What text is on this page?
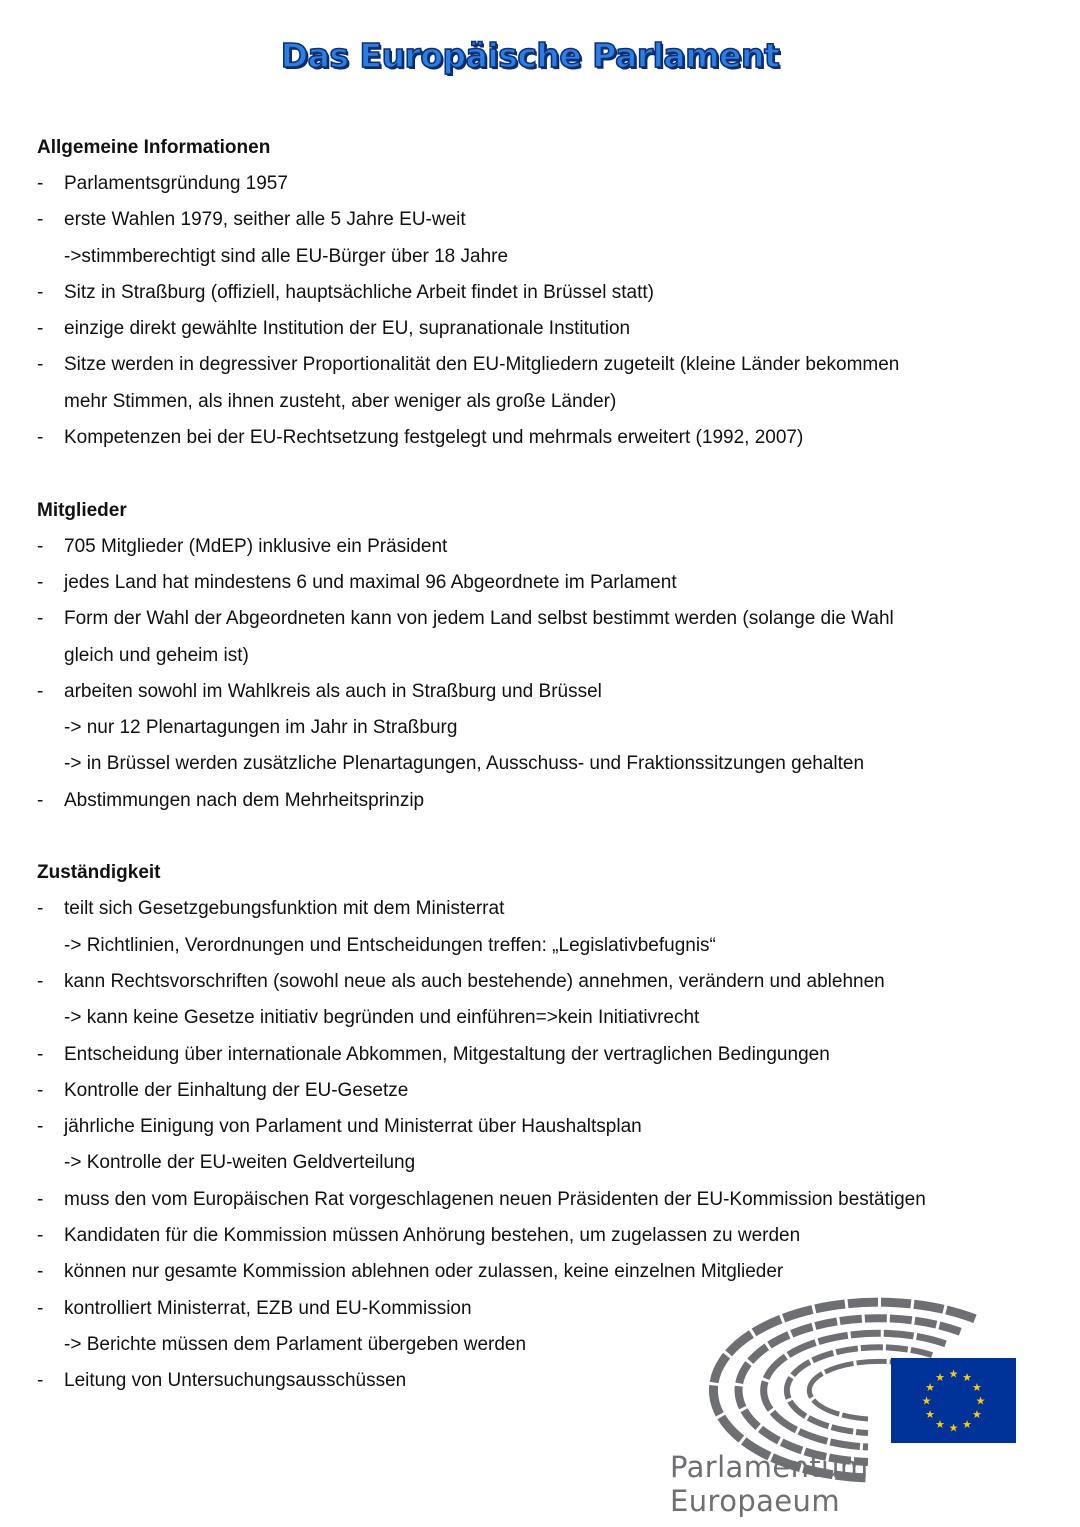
Das Europäische Parlament
Allgemeine Informationen
-	Parlamentsgründung 1957
-	erste Wahlen 1979, seither alle 5 Jahre EU-weit
->stimmberechtigt sind alle EU-Bürger über 18 Jahre
-	Sitz in Straßburg (offiziell, hauptsächliche Arbeit findet in Brüssel statt)
-	einzige direkt gewählte Institution der EU, supranationale Institution
-	Sitze werden in degressiver Proportionalität den EU-Mitgliedern zugeteilt (kleine Länder bekommen
mehr Stimmen, als ihnen zusteht, aber weniger als große Länder)
-	Kompetenzen bei der EU-Rechtsetzung festgelegt und mehrmals erweitert (1992, 2007)
Mitglieder
-	705 Mitglieder (MdEP) inklusive ein Präsident
-	jedes Land hat mindestens 6 und maximal 96 Abgeordnete im Parlament
-	Form der Wahl der Abgeordneten kann von jedem Land selbst bestimmt werden (solange die Wahl
gleich und geheim ist)
-	arbeiten sowohl im Wahlkreis als auch in Straßburg und Brüssel
-> nur 12 Plenartagungen im Jahr in Straßburg
-> in Brüssel werden zusätzliche Plenartagungen, Ausschuss- und Fraktionssitzungen gehalten
-	Abstimmungen nach dem Mehrheitsprinzip
Zuständigkeit
-	teilt sich Gesetzgebungsfunktion mit dem Ministerrat
-> Richtlinien, Verordnungen und Entscheidungen treffen: „Legislativbefugnis“
-	kann Rechtsvorschriften (sowohl neue als auch bestehende) annehmen, verändern und ablehnen
-> kann keine Gesetze initiativ begründen und einführen=>kein Initiativrecht
-	Entscheidung über internationale Abkommen, Mitgestaltung der vertraglichen Bedingungen
-	Kontrolle der Einhaltung der EU-Gesetze
-	jährliche Einigung von Parlament und Ministerrat über Haushaltsplan
-> Kontrolle der EU-weiten Geldverteilung
-	muss den vom Europäischen Rat vorgeschlagenen neuen Präsidenten der EU-Kommission bestätigen
-	Kandidaten für die Kommission müssen Anhörung bestehen, um zugelassen zu werden
-	können nur gesamte Kommission ablehnen oder zulassen, keine einzelnen Mitglieder
-	kontrolliert Ministerrat, EZB und EU-Kommission
-> Berichte müssen dem Parlament übergeben werden
-	Leitung von Untersuchungsausschüssen	★ ★
★
★
★
★
★
★
★
★
★
★
Parlamentum Europaeum
